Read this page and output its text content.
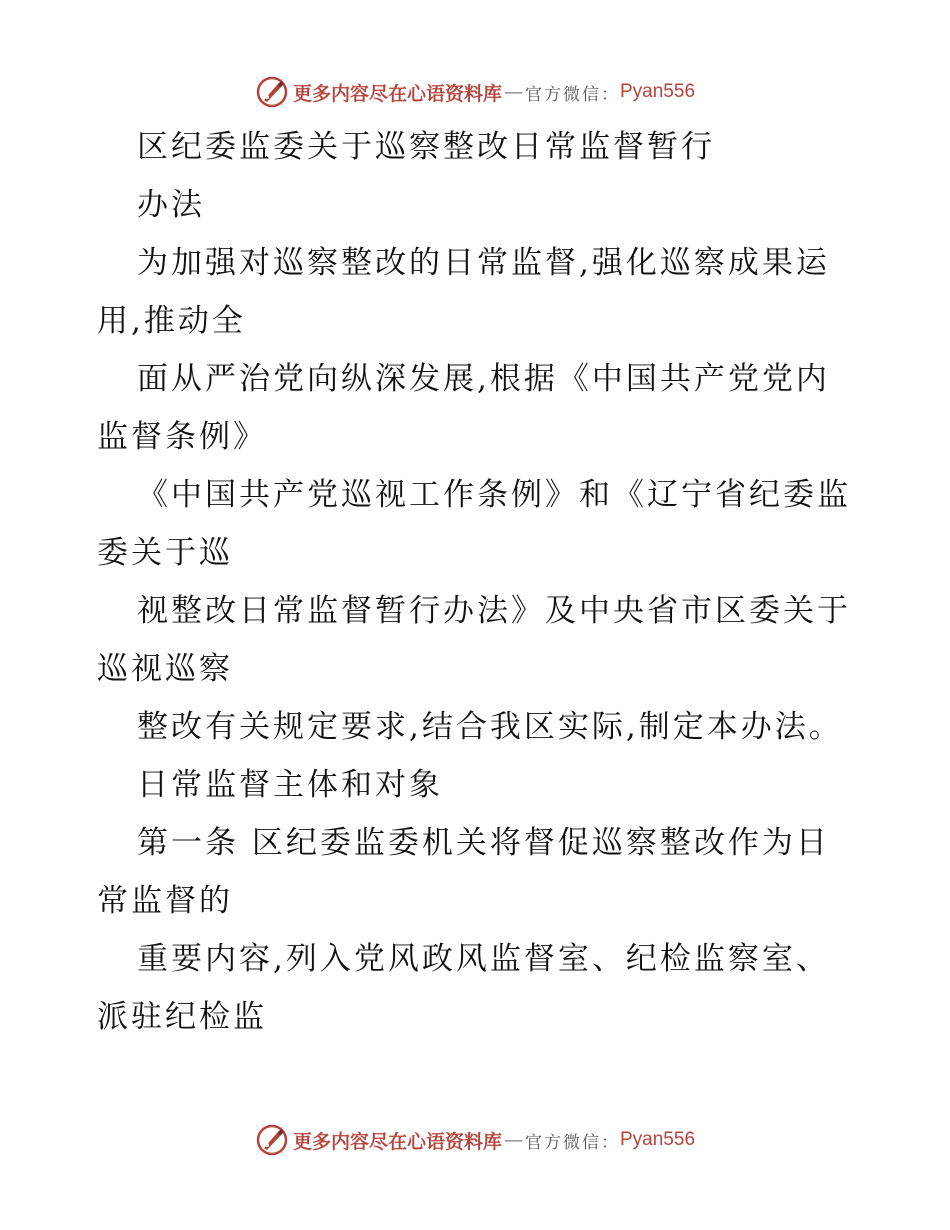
更多内容尽在心语资料库 — 官方微信： Pyan556
区纪委监委关于巡察整改日常监督暂行
办法
为加强对巡察整改的日常监督,强化巡察成果运
用,推动全
面从严治党向纵深发展,根据《中国共产党党内
监督条例》
《中国共产党巡视工作条例》和《辽宁省纪委监
委关于巡
视整改日常监督暂行办法》及中央省市区委关于
巡视巡察
整改有关规定要求,结合我区实际,制定本办法。
日常监督主体和对象
第一条 区纪委监委机关将督促巡察整改作为日
常监督的
重要内容,列入党风政风监督室、纪检监察室、
派驻纪检监
更多内容尽在心语资料库 — 官方微信： Pyan556
